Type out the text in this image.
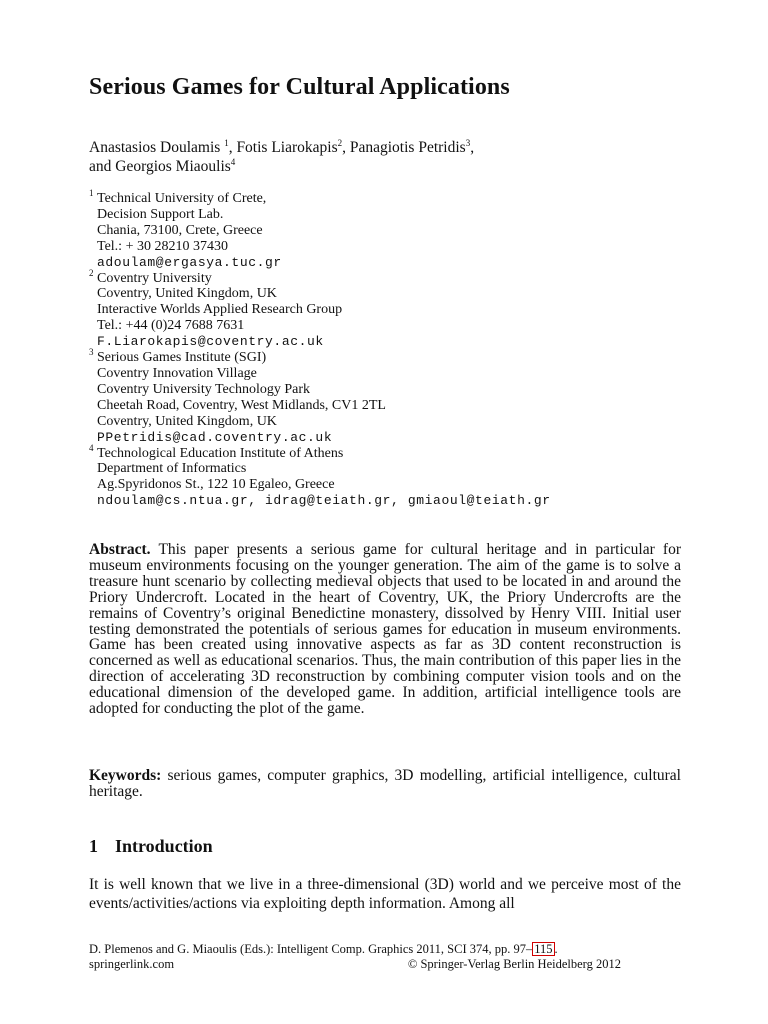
Serious Games for Cultural Applications
Anastasios Doulamis $^1$, Fotis Liarokapis$^2$, Panagiotis Petridis$^3$,
and Georgios Miaoulis$^4$
$^1$ Technical University of Crete,
Decision Support Lab.
Chania, 73100, Crete, Greece
Tel.: + 30 28210 37430
adoulam@ergasya.tuc.gr
$^2$ Coventry University
Coventry, United Kingdom, UK
Interactive Worlds Applied Research Group
Tel.: +44 (0)24 7688 7631
F.Liarokapis@coventry.ac.uk
$^3$ Serious Games Institute (SGI)
Coventry Innovation Village
Coventry University Technology Park
Cheetah Road, Coventry, West Midlands, CV1 2TL
Coventry, United Kingdom, UK
PPetridis@cad.coventry.ac.uk
$^4$ Technological Education Institute of Athens
Department of Informatics
Ag.Spyridonos St., 122 10 Egaleo, Greece
ndoulam@cs.ntua.gr, idrag@teiath.gr, gmiaoul@teiath.gr

Abstract. This paper presents a serious game for cultural heritage and in particular for museum environments focusing on the younger generation. The aim of the game is to solve a treasure hunt scenario by collecting medieval objects that used to be located in and around the Priory Undercroft. Located in the heart of Coventry, UK, the Priory Undercrofts are the remains of Coventry’s original Benedictine monastery, dissolved by Henry VIII. Initial user testing demonstrated the potentials of serious games for education in museum environments. Game has been created using innovative aspects as far as 3D content reconstruction is concerned as well as educational scenarios. Thus, the main contribution of this paper lies in the direction of accelerating 3D reconstruction by combining computer vision tools and on the educational dimension of the developed game. In addition, artificial intelligence tools are adopted for conducting the plot of the game.

Keywords: serious games, computer graphics, 3D modelling, artificial intelligence, cultural heritage.

1 Introduction

It is well known that we live in a three-dimensional (3D) world and we perceive most of the events/activities/actions via exploiting depth information. Among all

D. Plemenos and G. Miaoulis (Eds.): Intelligent Comp. Graphics 2011, SCI 374, pp. 97– 115 .
springerlink.com	© Springer-Verlag Berlin Heidelberg 2012
